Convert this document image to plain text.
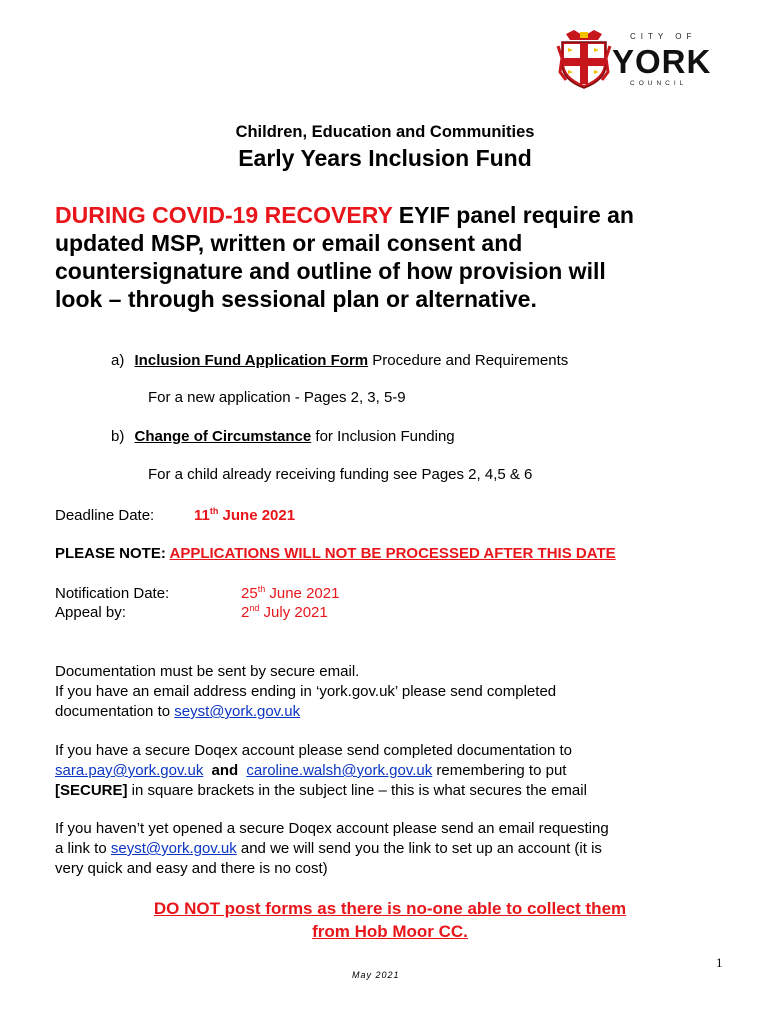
CITY OF
YORK
COUNCIL
Children, Education and Communities
Early Years Inclusion Fund
DURING COVID-19 RECOVERY EYIF panel require an
updated MSP, written or email consent and
countersignature and outline of how provision will
look – through sessional plan or alternative.
a) Inclusion Fund Application Form Procedure and Requirements
For a new application - Pages 2, 3, 5-9
b) Change of Circumstance for Inclusion Funding
For a child already receiving funding see Pages 2, 4,5 & 6
Deadline Date:	11th June 2021
PLEASE NOTE: APPLICATIONS WILL NOT BE PROCESSED AFTER THIS DATE
Notification Date:	25th June 2021
Appeal by:	2nd July 2021
Documentation must be sent by secure email.
If you have an email address ending in ‘york.gov.uk’ please send completed
documentation to seyst@york.gov.uk
If you have a secure Doqex account please send completed documentation to
sara.pay@york.gov.uk and caroline.walsh@york.gov.uk remembering to put
[SECURE] in square brackets in the subject line – this is what secures the email
If you haven’t yet opened a secure Doqex account please send an email requesting
a link to seyst@york.gov.uk and we will send you the link to set up an account (it is
very quick and easy and there is no cost)
DO NOT post forms as there is no-one able to collect them
from Hob Moor CC.
1
May 2021
